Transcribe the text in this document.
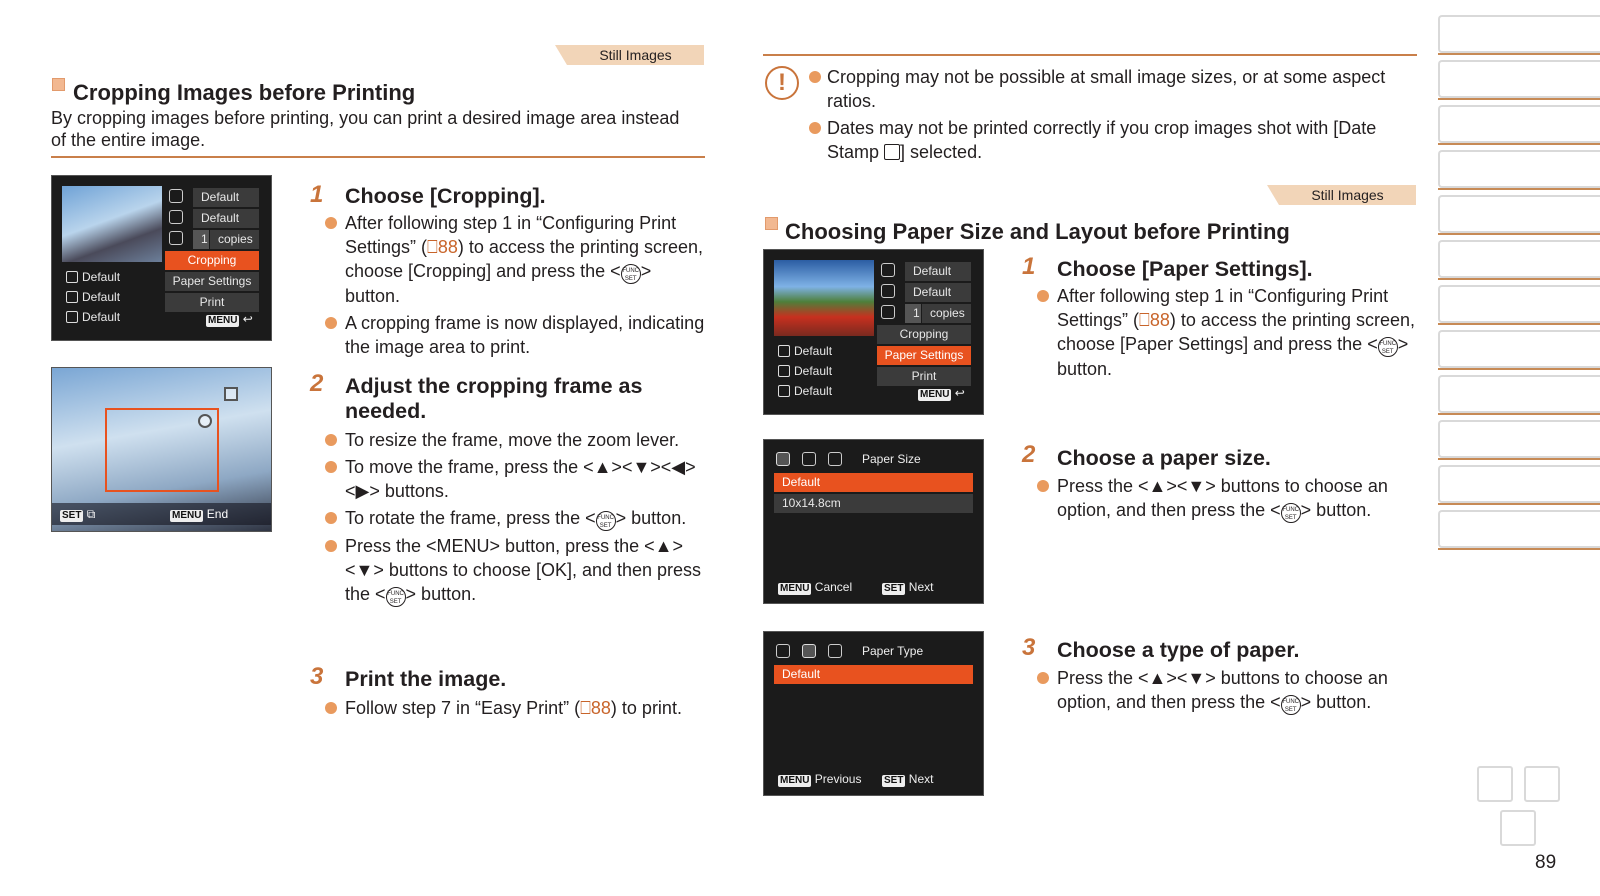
Still Images
Cropping Images before Printing
By cropping images before printing, you can print a desired image area instead of the entire image.
Default
Default
1 copies
Cropping
Paper Settings
Print
Default
Default
Default	MENU ↩
SET ⧉	MENU End
1 Choose [Cropping].
After following step 1 in “Configuring Print Settings” (⎕88) to access the printing screen, choose [Cropping] and press the < FUNC
SET > button.
A cropping frame is now displayed, indicating the image area to print.
2 Adjust the cropping frame as needed.
To resize the frame, move the zoom lever.
To move the frame, press the <▲><▼><◀><▶> buttons.
To rotate the frame, press the < FUNC
SET > button.
Press the <MENU> button, press the <▲><▼> buttons to choose [OK], and then press the < FUNC
SET > button.
3 Print the image.
Follow step 7 in “Easy Print” (⎕88) to print.
!	Cropping may not be possible at small image sizes, or at some aspect ratios.
Dates may not be printed correctly if you crop images shot with [Date Stamp ] selected.
Still Images
Choosing Paper Size and Layout before Printing
Default
Default
1 copies
Cropping
Paper Settings
Print
Default
Default
Default	MENU ↩
Paper Size
Default
10x14.8cm
MENU Cancel	SET Next
Paper Type
Default
MENU Previous SET Next
1 Choose [Paper Settings].
After following step 1 in “Configuring Print Settings” (⎕88) to access the printing screen, choose [Paper Settings] and press the < FUNC
SET > button.
2 Choose a paper size.
Press the <▲><▼> buttons to choose an option, and then press the < FUNC
SET > button.
3 Choose a type of paper.
Press the <▲><▼> buttons to choose an option, and then press the < FUNC
SET > button.
89
